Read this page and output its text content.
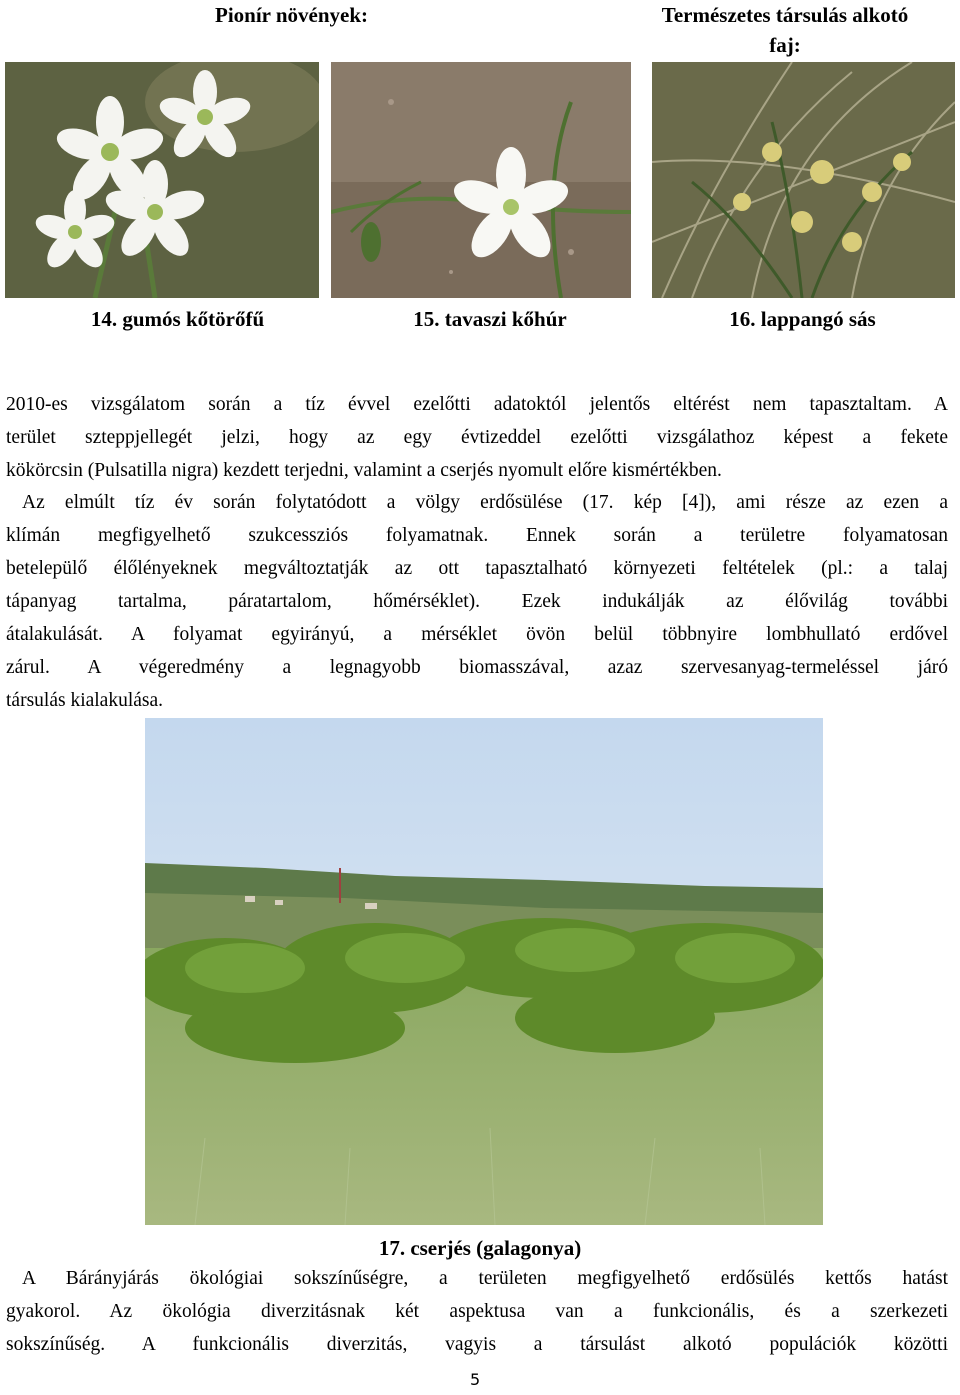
Pionír növények:	Természetes társulás alkotó
faj:
14. gumós kőtörőfű	15. tavaszi kőhúr	16. lappangó sás
2010-es vizsgálatom során a tíz évvel ezelőtti adatoktól jelentős eltérést nem tapasztaltam. A
terület szteppjellegét jelzi, hogy az egy évtizeddel ezelőtti vizsgálathoz képest a fekete
kökörcsin (Pulsatilla nigra) kezdett terjedni, valamint a cserjés nyomult előre kismértékben.
Az elmúlt tíz év során folytatódott a völgy erdősülése (17. kép [4]), ami része az ezen a
klímán megfigyelhető szukcessziós folyamatnak. Ennek során a területre folyamatosan
betelepülő élőlényeknek megváltoztatják az ott tapasztalható környezeti feltételek (pl.: a talaj
tápanyag tartalma, páratartalom, hőmérséklet). Ezek indukálják az élővilág további
átalakulását. A folyamat egyirányú, a mérséklet övön belül többnyire lombhullató erdővel
zárul. A végeredmény a legnagyobb biomasszával, azaz szervesanyag-termeléssel járó
társulás kialakulása.
17. cserjés (galagonya)
A Bárányjárás ökológiai sokszínűségre, a területen megfigyelhető erdősülés kettős hatást
gyakorol. Az ökológia diverzitásnak két aspektusa van a funkcionális, és a szerkezeti
sokszínűség. A funkcionális diverzitás, vagyis a társulást alkotó populációk közötti
5
